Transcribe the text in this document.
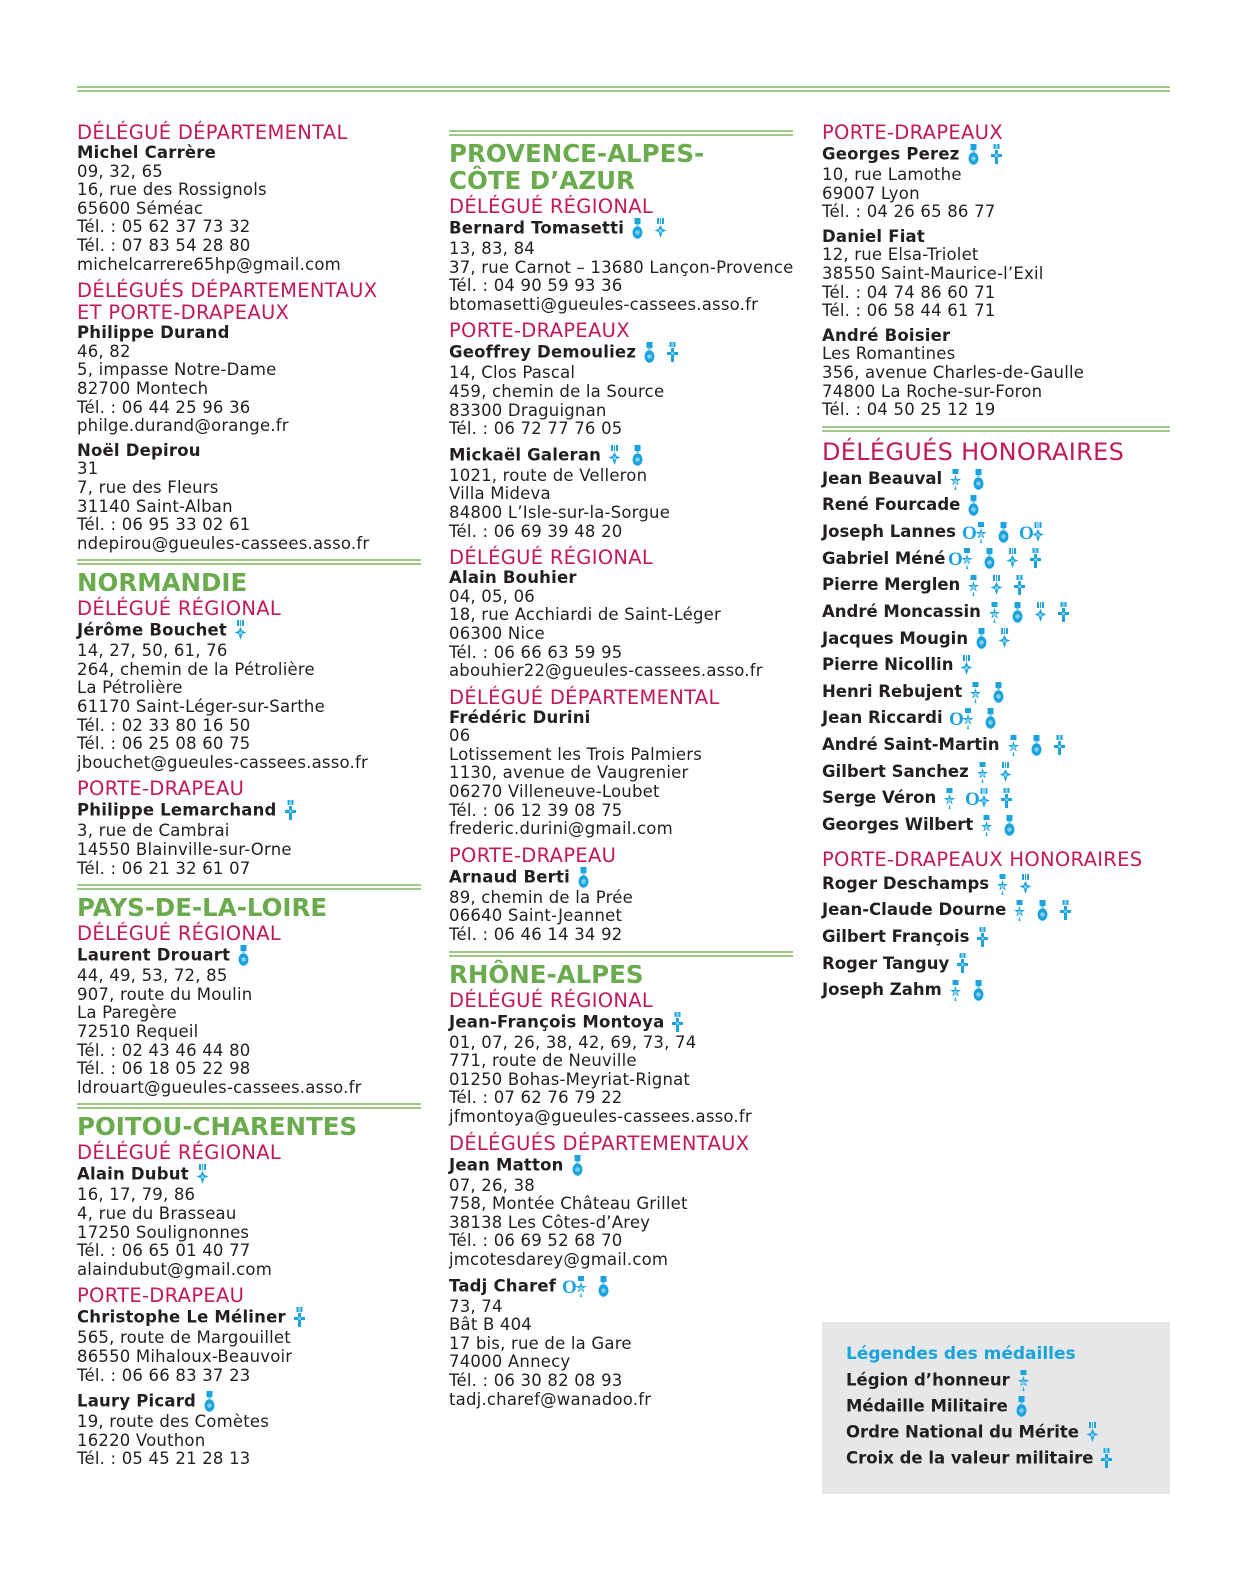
DÉLÉGUÉ DÉPARTEMENTAL
Michel Carrère
09, 32, 65
16, rue des Rossignols
65600 Séméac
Tél. : 05 62 37 73 32
Tél. : 07 83 54 28 80
michelcarrere65hp@gmail.com
DÉLÉGUÉS DÉPARTEMENTAUX
ET PORTE-DRAPEAUX
Philippe Durand
46, 82
5, impasse Notre-Dame
82700 Montech
Tél. : 06 44 25 96 36
philge.durand@orange.fr
Noël Depirou
31
7, rue des Fleurs
31140 Saint-Alban
Tél. : 06 95 33 02 61
ndepirou@gueules-cassees.asso.fr
NORMANDIE
DÉLÉGUÉ RÉGIONAL
Jérôme Bouchet
14, 27, 50, 61, 76
264, chemin de la Pétrolière
La Pétrolière
61170 Saint-Léger-sur-Sarthe
Tél. : 02 33 80 16 50
Tél. : 06 25 08 60 75
jbouchet@gueules-cassees.asso.fr
PORTE-DRAPEAU
Philippe Lemarchand
3, rue de Cambrai
14550 Blainville-sur-Orne
Tél. : 06 21 32 61 07
PAYS-DE-LA-LOIRE
DÉLÉGUÉ RÉGIONAL
Laurent Drouart
44, 49, 53, 72, 85
907, route du Moulin
La Paregère
72510 Requeil
Tél. : 02 43 46 44 80
Tél. : 06 18 05 22 98
ldrouart@gueules-cassees.asso.fr
POITOU-CHARENTES
DÉLÉGUÉ RÉGIONAL
Alain Dubut
16, 17, 79, 86
4, rue du Brasseau
17250 Soulignonnes
Tél. : 06 65 01 40 77
alaindubut@gmail.com
PORTE-DRAPEAU
Christophe Le Méliner
565, route de Margouillet
86550 Mihaloux-Beauvoir
Tél. : 06 66 83 37 23
Laury Picard
19, route des Comètes
16220 Vouthon
Tél. : 05 45 21 28 13
PROVENCE-ALPES-
CÔTE D’AZUR
DÉLÉGUÉ RÉGIONAL
Bernard Tomasetti
13, 83, 84
37, rue Carnot – 13680 Lançon-Provence
Tél. : 04 90 59 93 36
btomasetti@gueules-cassees.asso.fr
PORTE-DRAPEAUX
Geoffrey Demouliez
14, Clos Pascal
459, chemin de la Source
83300 Draguignan
Tél. : 06 72 77 76 05
Mickaël Galeran
1021, route de Velleron
Villa Mideva
84800 L’Isle-sur-la-Sorgue
Tél. : 06 69 39 48 20
DÉLÉGUÉ RÉGIONAL
Alain Bouhier
04, 05, 06
18, rue Acchiardi de Saint-Léger
06300 Nice
Tél. : 06 66 63 59 95
abouhier22@gueules-cassees.asso.fr
DÉLÉGUÉ DÉPARTEMENTAL
Frédéric Durini
06
Lotissement les Trois Palmiers
1130, avenue de Vaugrenier
06270 Villeneuve-Loubet
Tél. : 06 12 39 08 75
frederic.durini@gmail.com
PORTE-DRAPEAU
Arnaud Berti
89, chemin de la Prée
06640 Saint-Jeannet
Tél. : 06 46 14 34 92
RHÔNE-ALPES
DÉLÉGUÉ RÉGIONAL
Jean-François Montoya
01, 07, 26, 38, 42, 69, 73, 74
771, route de Neuville
01250 Bohas-Meyriat-Rignat
Tél. : 07 62 76 79 22
jfmontoya@gueules-cassees.asso.fr
DÉLÉGUÉS DÉPARTEMENTAUX
Jean Matton
07, 26, 38
758, Montée Château Grillet
38138 Les Côtes-d’Arey
Tél. : 06 69 52 68 70
jmcotesdarey@gmail.com
Tadj Charef O
73, 74
Bât B 404
17 bis, rue de la Gare
74000 Annecy
Tél. : 06 30 82 08 93
tadj.charef@wanadoo.fr
PORTE-DRAPEAUX
Georges Perez
10, rue Lamothe
69007 Lyon
Tél. : 04 26 65 86 77
Daniel Fiat
12, rue Elsa-Triolet
38550 Saint-Maurice-l’Exil
Tél. : 04 74 86 60 71
Tél. : 06 58 44 61 71
André Boisier
Les Romantines
356, avenue Charles-de-Gaulle
74800 La Roche-sur-Foron
Tél. : 04 50 25 12 19
DÉLÉGUÉS HONORAIRES
Jean Beauval
René Fourcade
Joseph Lannes O O
Gabriel Méné O
Pierre Merglen
André Moncassin
Jacques Mougin
Pierre Nicollin
Henri Rebujent
Jean Riccardi O
André Saint-Martin
Gilbert Sanchez
Serge Véron O
Georges Wilbert
PORTE-DRAPEAUX HONORAIRES
Roger Deschamps
Jean-Claude Dourne
Gilbert François
Roger Tanguy
Joseph Zahm
Légendes des médailles
Légion d’honneur
Médaille Militaire
Ordre National du Mérite
Croix de la valeur militaire
